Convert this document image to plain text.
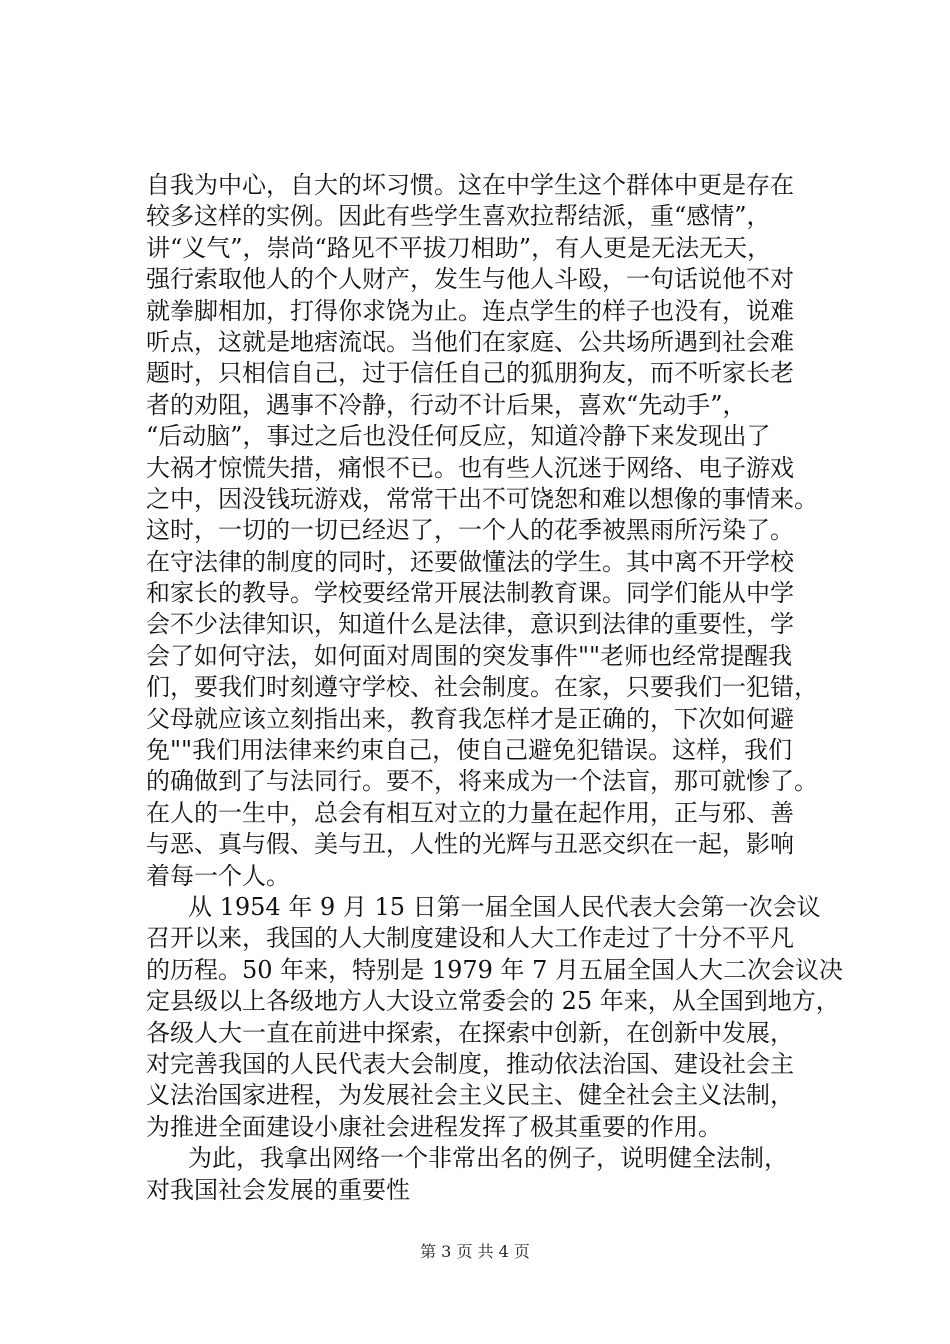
自我为中心，自大的坏习惯。这在中学生这个群体中更是存在
较多这样的实例。因此有些学生喜欢拉帮结派，重“感情”，
讲“义气”，崇尚“路见不平拔刀相助”，有人更是无法无天，
强行索取他人的个人财产，发生与他人斗殴，一句话说他不对
就拳脚相加，打得你求饶为止。连点学生的样子也没有，说难
听点，这就是地痞流氓。当他们在家庭、公共场所遇到社会难
题时，只相信自己，过于信任自己的狐朋狗友，而不听家长老
者的劝阻，遇事不冷静，行动不计后果，喜欢“先动手”，
“后动脑”，事过之后也没任何反应，知道冷静下来发现出了
大祸才惊慌失措，痛恨不已。也有些人沉迷于网络、电子游戏
之中，因没钱玩游戏，常常干出不可饶恕和难以想像的事情来。
这时，一切的一切已经迟了，一个人的花季被黑雨所污染了。
在守法律的制度的同时，还要做懂法的学生。其中离不开学校
和家长的教导。学校要经常开展法制教育课。同学们能从中学
会不少法律知识，知道什么是法律，意识到法律的重要性，学
会了如何守法，如何面对周围的突发事件""老师也经常提醒我
们，要我们时刻遵守学校、社会制度。在家，只要我们一犯错，
父母就应该立刻指出来，教育我怎样才是正确的，下次如何避
免""我们用法律来约束自己，使自己避免犯错误。这样，我们
的确做到了与法同行。要不，将来成为一个法盲，那可就惨了。
在人的一生中，总会有相互对立的力量在起作用，正与邪、善
与恶、真与假、美与丑，人性的光辉与丑恶交织在一起，影响
着每一个人。
从 1954 年 9 月 15 日第一届全国人民代表大会第一次会议
召开以来，我国的人大制度建设和人大工作走过了十分不平凡
的历程。50 年来，特别是 1979 年 7 月五届全国人大二次会议决
定县级以上各级地方人大设立常委会的 25 年来，从全国到地方，
各级人大一直在前进中探索，在探索中创新，在创新中发展，
对完善我国的人民代表大会制度，推动依法治国、建设社会主
义法治国家进程，为发展社会主义民主、健全社会主义法制，
为推进全面建设小康社会进程发挥了极其重要的作用。
为此，我拿出网络一个非常出名的例子，说明健全法制，
对我国社会发展的重要性
第 3 页 共 4 页
